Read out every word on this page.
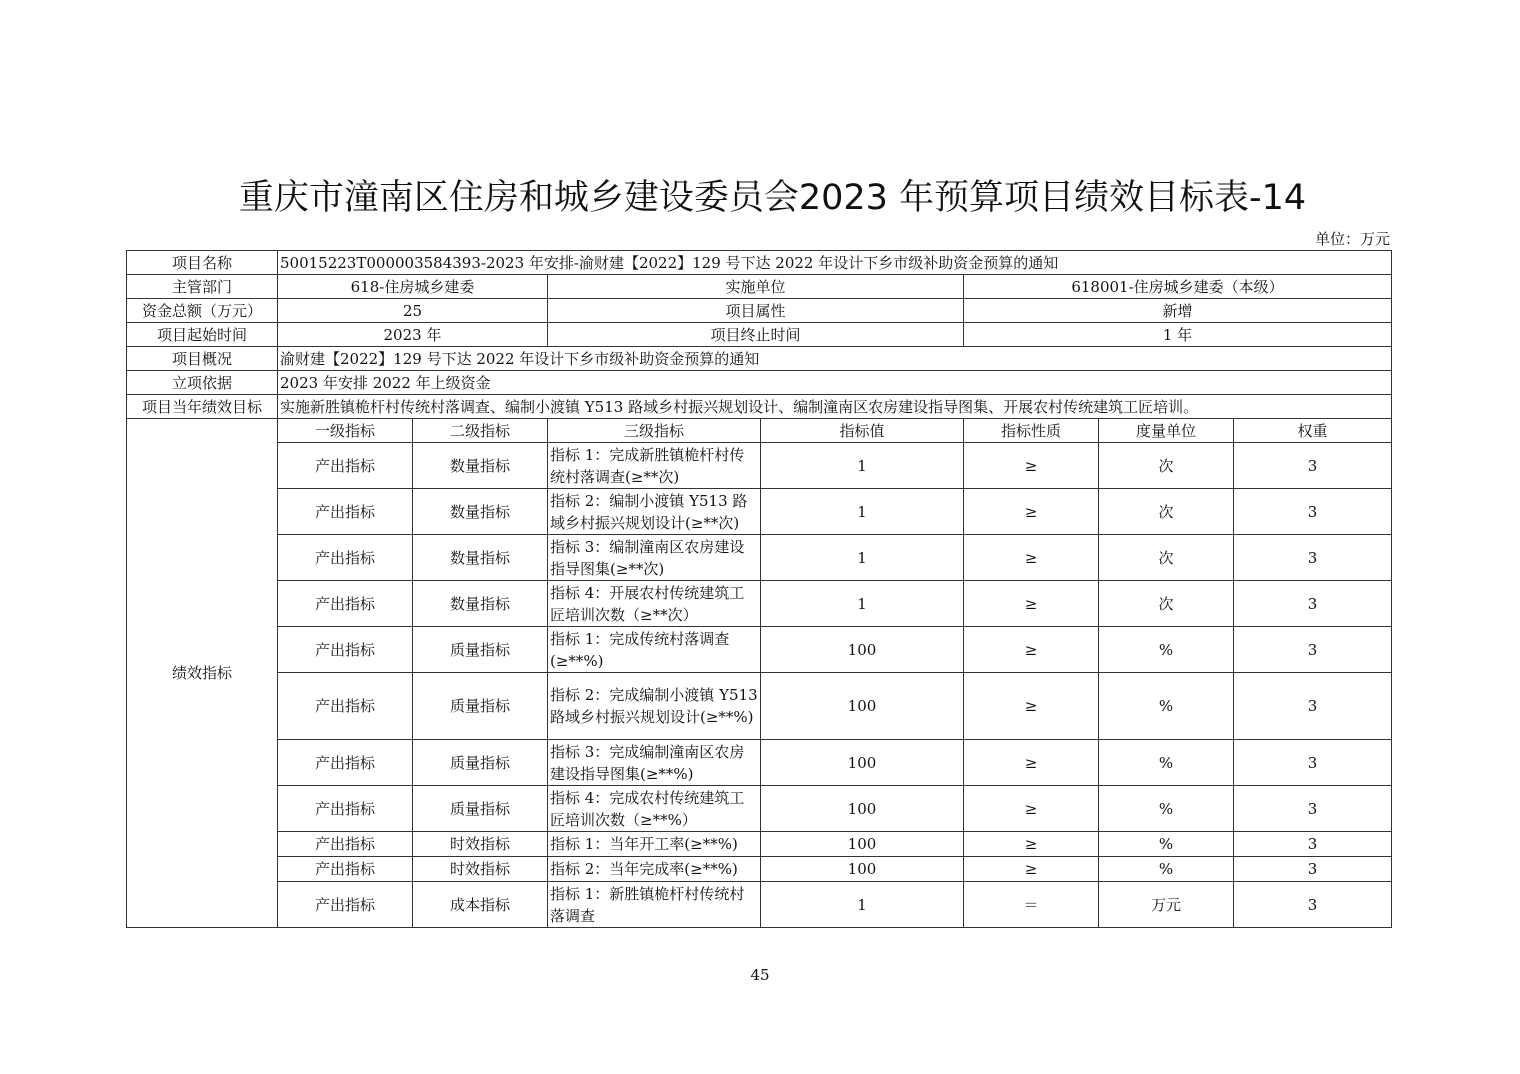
重庆市潼南区住房和城乡建设委员会2023 年预算项目绩效目标表-14
单位：万元
项目名称	50015223T000003584393-2023 年安排-渝财建【2022】129 号下达 2022 年设计下乡市级补助资金预算的通知						
主管部门	618-住房城乡建委		实施单位		618001-住房城乡建委（本级）		
资金总额（万元）	25		项目属性		新增		
项目起始时间	2023 年		项目终止时间		1 年		
项目概况	渝财建【2022】129 号下达 2022 年设计下乡市级补助资金预算的通知						
立项依据	2023 年安排 2022 年上级资金						
项目当年绩效目标	实施新胜镇桅杆村传统村落调查、编制小渡镇 Y513 路域乡村振兴规划设计、编制潼南区农房建设指导图集、开展农村传统建筑工匠培训。						
绩效指标	一级指标	二级指标	三级指标	指标值	指标性质	度量单位	权重
	产出指标	数量指标	指标 1：完成新胜镇桅杆村传统村落调查(≥**次)	1	≥	次	3
	产出指标	数量指标	指标 2：编制小渡镇 Y513 路域乡村振兴规划设计(≥**次)	1	≥	次	3
	产出指标	数量指标	指标 3：编制潼南区农房建设指导图集(≥**次)	1	≥	次	3
	产出指标	数量指标	指标 4：开展农村传统建筑工匠培训次数（≥**次）	1	≥	次	3
	产出指标	质量指标	指标 1：完成传统村落调查(≥**%)	100	≥	%	3
	产出指标	质量指标	指标 2：完成编制小渡镇 Y513 路域乡村振兴规划设计(≥**%)	100	≥	%	3
	产出指标	质量指标	指标 3：完成编制潼南区农房建设指导图集(≥**%)	100	≥	%	3
	产出指标	质量指标	指标 4：完成农村传统建筑工匠培训次数（≥**%）	100	≥	%	3
	产出指标	时效指标	指标 1：当年开工率(≥**%)	100	≥	%	3
	产出指标	时效指标	指标 2：当年完成率(≥**%)	100	≥	%	3
	产出指标	成本指标	指标 1：新胜镇桅杆村传统村落调查	1	＝	万元	3
45
